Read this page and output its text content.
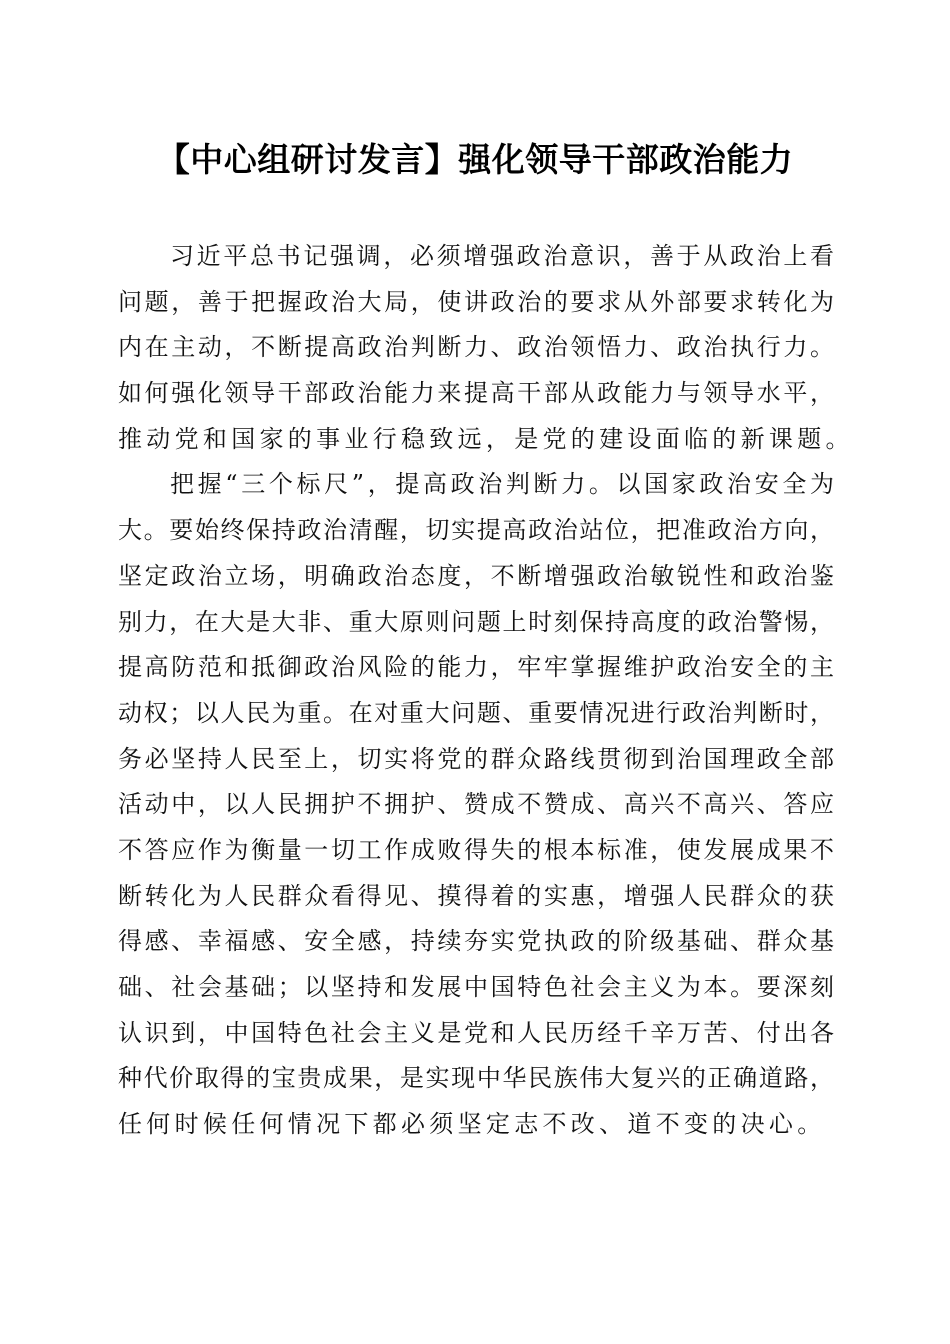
【中心组研讨发言】强化领导干部政治能力
习近平总书记强调，必须增强政治意识，善于从政治上看
问题，善于把握政治大局，使讲政治的要求从外部要求转化为
内在主动，不断提高政治判断力、政治领悟力、政治执行力。
如何强化领导干部政治能力来提高干部从政能力与领导水平，
推动党和国家的事业行稳致远，是党的建设面临的新课题。
把握“三个标尺”，提高政治判断力。以国家政治安全为
大。要始终保持政治清醒，切实提高政治站位，把准政治方向，
坚定政治立场，明确政治态度，不断增强政治敏锐性和政治鉴
别力，在大是大非、重大原则问题上时刻保持高度的政治警惕，
提高防范和抵御政治风险的能力，牢牢掌握维护政治安全的主
动权；以人民为重。在对重大问题、重要情况进行政治判断时，
务必坚持人民至上，切实将党的群众路线贯彻到治国理政全部
活动中，以人民拥护不拥护、赞成不赞成、高兴不高兴、答应
不答应作为衡量一切工作成败得失的根本标准，使发展成果不
断转化为人民群众看得见、摸得着的实惠，增强人民群众的获
得感、幸福感、安全感，持续夯实党执政的阶级基础、群众基
础、社会基础；以坚持和发展中国特色社会主义为本。要深刻
认识到，中国特色社会主义是党和人民历经千辛万苦、付出各
种代价取得的宝贵成果，是实现中华民族伟大复兴的正确道路，
任何时候任何情况下都必须坚定志不改、道不变的决心。
